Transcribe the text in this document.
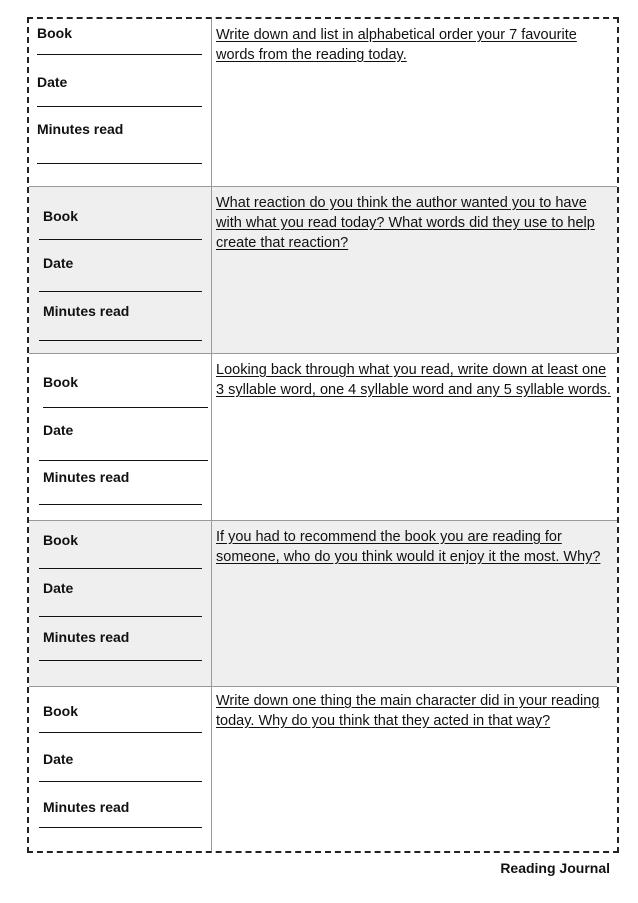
Book
Date
Minutes read
Write down and list in alphabetical order your 7 favourite words from the reading today.
Book
Date
Minutes read
What reaction do you think the author wanted you to have with what you read today? What words did they use to help create that reaction?
Book
Date
Minutes read
Looking back through what you read, write down at least one 3 syllable word, one 4 syllable word and any 5 syllable words.
Book
Date
Minutes read
If you had to recommend the book you are reading for someone, who do you think would it enjoy it the most. Why?
Book
Date
Minutes read
Write down one thing the main character did in your reading today. Why do you think that they acted in that way?
Reading Journal
